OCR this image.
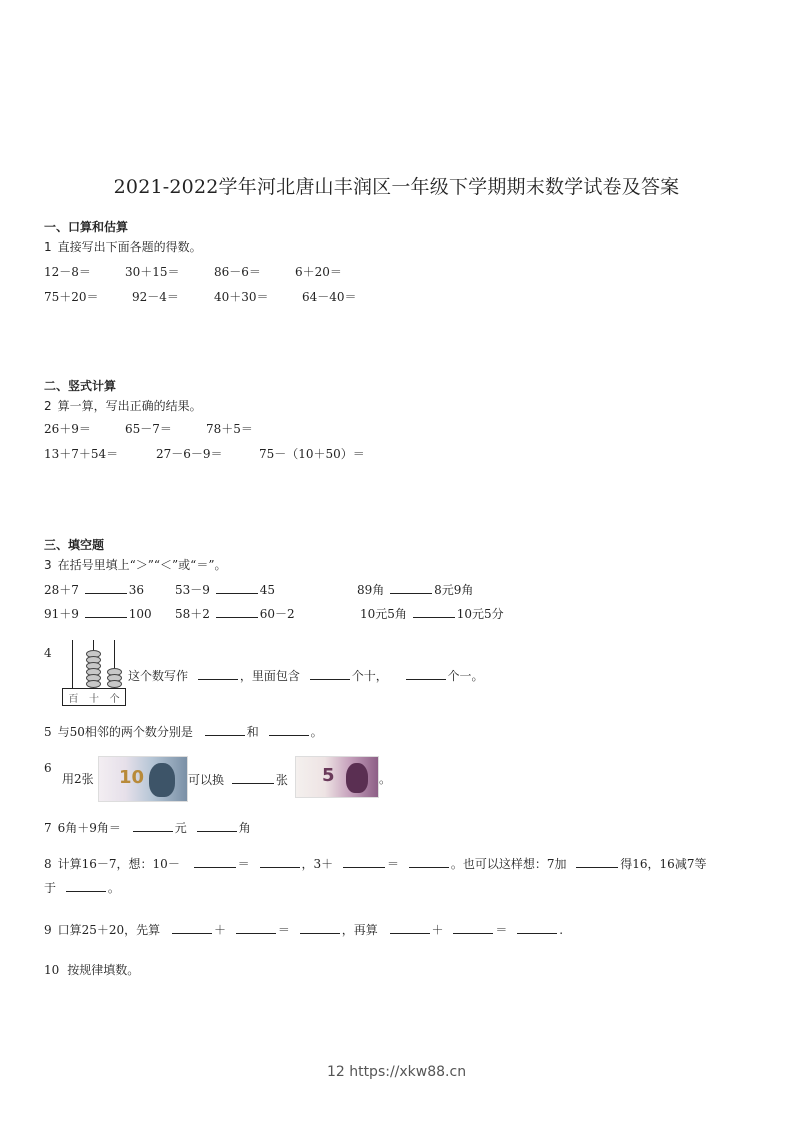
2021-2022学年河北唐山丰润区一年级下学期期末数学试卷及答案
一、口算和估算
1 直接写出下面各题的得数。
12－8＝	30＋15＝	86－6＝	6＋20＝
75＋20＝	92－4＝	40＋30＝	64－40＝
二、竖式计算
2 算一算，写出正确的结果。
26＋9＝	65－7＝	78＋5＝
13＋7＋54＝	27－6－9＝	75－（10＋50）＝
三、填空题
3 在括号里填上“＞”“＜”或“＝”。
28＋7	36	53－9	45	89角	8元9角
91＋9	100 58＋2	60－2	10元5角	10元5分
4
百 十 个
这个数写作	，里面包含	个十，	个一。
5 与50相邻的两个数分别是	和	。
6
用2张 10	可以换	张 5	。
7 6角＋9角＝	元	角
8 计算16－7，想：10－	＝	，3＋	＝	。也可以这样想：7加	得16，16减7等
于	。
9 口算25＋20，先算	＋	＝	，再算	＋	＝	.
10 按规律填数。
12 https://xkw88.cn
